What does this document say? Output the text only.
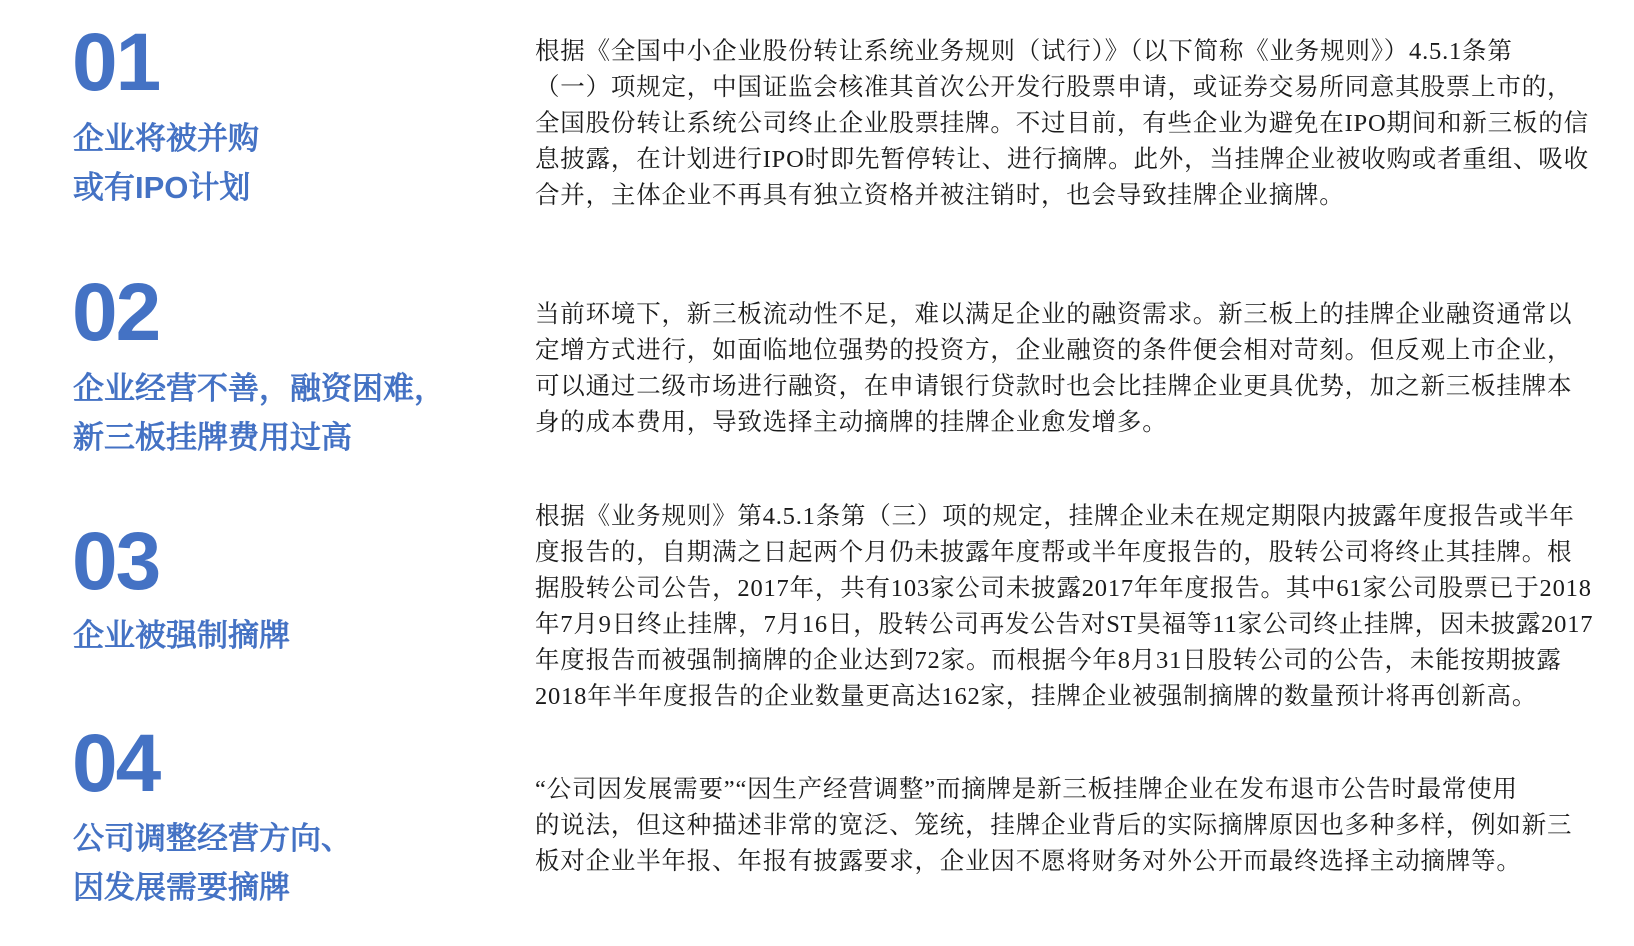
01
企业将被并购
或有IPO计划
根据《全国中小企业股份转让系统业务规则（试行）》（以下简称《业务规则》）4.5.1条第
（一）项规定，中国证监会核准其首次公开发行股票申请，或证券交易所同意其股票上市的，
全国股份转让系统公司终止企业股票挂牌。不过目前，有些企业为避免在IPO期间和新三板的信
息披露，在计划进行IPO时即先暂停转让、进行摘牌。此外，当挂牌企业被收购或者重组、吸收
合并，主体企业不再具有独立资格并被注销时，也会导致挂牌企业摘牌。
02
企业经营不善，融资困难，
新三板挂牌费用过高
当前环境下，新三板流动性不足，难以满足企业的融资需求。新三板上的挂牌企业融资通常以
定增方式进行，如面临地位强势的投资方，企业融资的条件便会相对苛刻。但反观上市企业，
可以通过二级市场进行融资，在申请银行贷款时也会比挂牌企业更具优势，加之新三板挂牌本
身的成本费用，导致选择主动摘牌的挂牌企业愈发增多。
03
企业被强制摘牌
根据《业务规则》第4.5.1条第（三）项的规定，挂牌企业未在规定期限内披露年度报告或半年
度报告的，自期满之日起两个月仍未披露年度帮或半年度报告的，股转公司将终止其挂牌。根
据股转公司公告，2017年，共有103家公司未披露2017年年度报告。其中61家公司股票已于2018
年7月9日终止挂牌，7月16日，股转公司再发公告对ST昊福等11家公司终止挂牌，因未披露2017
年度报告而被强制摘牌的企业达到72家。而根据今年8月31日股转公司的公告，未能按期披露
2018年半年度报告的企业数量更高达162家，挂牌企业被强制摘牌的数量预计将再创新高。
04
公司调整经营方向、
因发展需要摘牌
“公司因发展需要”“因生产经营调整”而摘牌是新三板挂牌企业在发布退市公告时最常使用
的说法，但这种描述非常的宽泛、笼统，挂牌企业背后的实际摘牌原因也多种多样，例如新三
板对企业半年报、年报有披露要求，企业因不愿将财务对外公开而最终选择主动摘牌等。
